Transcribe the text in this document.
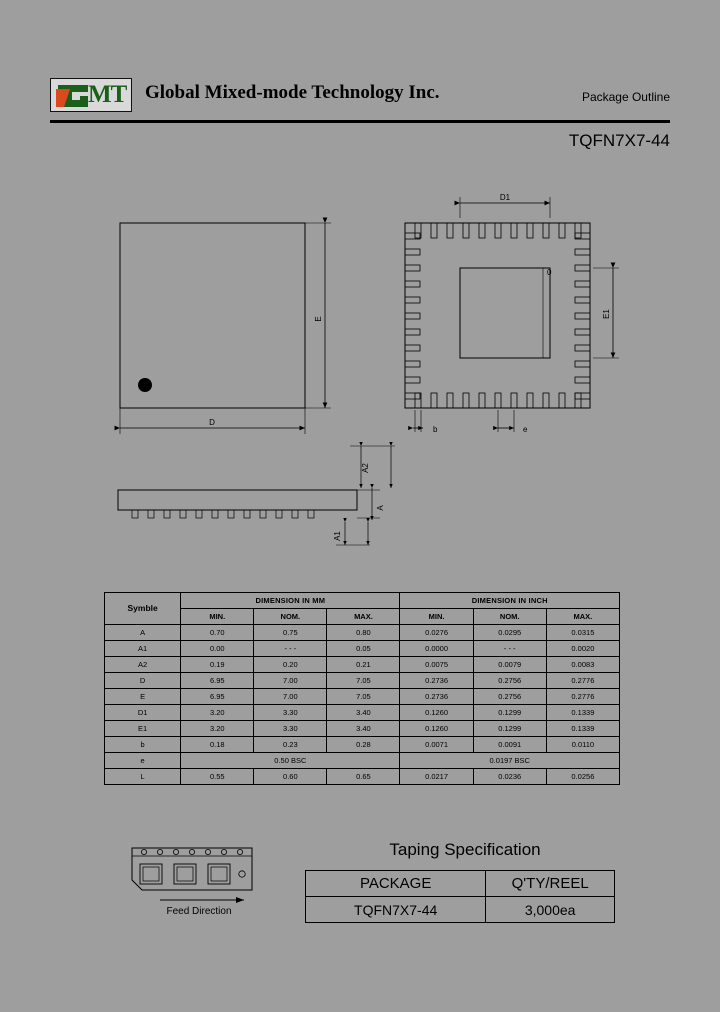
MT Global Mixed-mode Technology Inc.	Package Outline
TQFN7X7-44
E
D
0
D1
E1
b	e
A
A2
A1
Symble	DIMENSION IN MM			DIMENSION IN INCH		
	MIN.	NOM.	MAX.	MIN.	NOM.	MAX.
A	0.70	0.75	0.80	0.0276	0.0295	0.0315
A1	0.00	- - -	0.05	0.0000	- - -	0.0020
A2	0.19	0.20	0.21	0.0075	0.0079	0.0083
D	6.95	7.00	7.05	0.2736	0.2756	0.2776
E	6.95	7.00	7.05	0.2736	0.2756	0.2776
D1	3.20	3.30	3.40	0.1260	0.1299	0.1339
E1	3.20	3.30	3.40	0.1260	0.1299	0.1339
b	0.18	0.23	0.28	0.0071	0.0091	0.0110
e	0.50 BSC			0.0197 BSC		
L	0.55	0.60	0.65	0.0217	0.0236	0.0256
Feed Direction
Taping Specification
PACKAGE	Q'TY/REEL
TQFN7X7-44	3,000ea
